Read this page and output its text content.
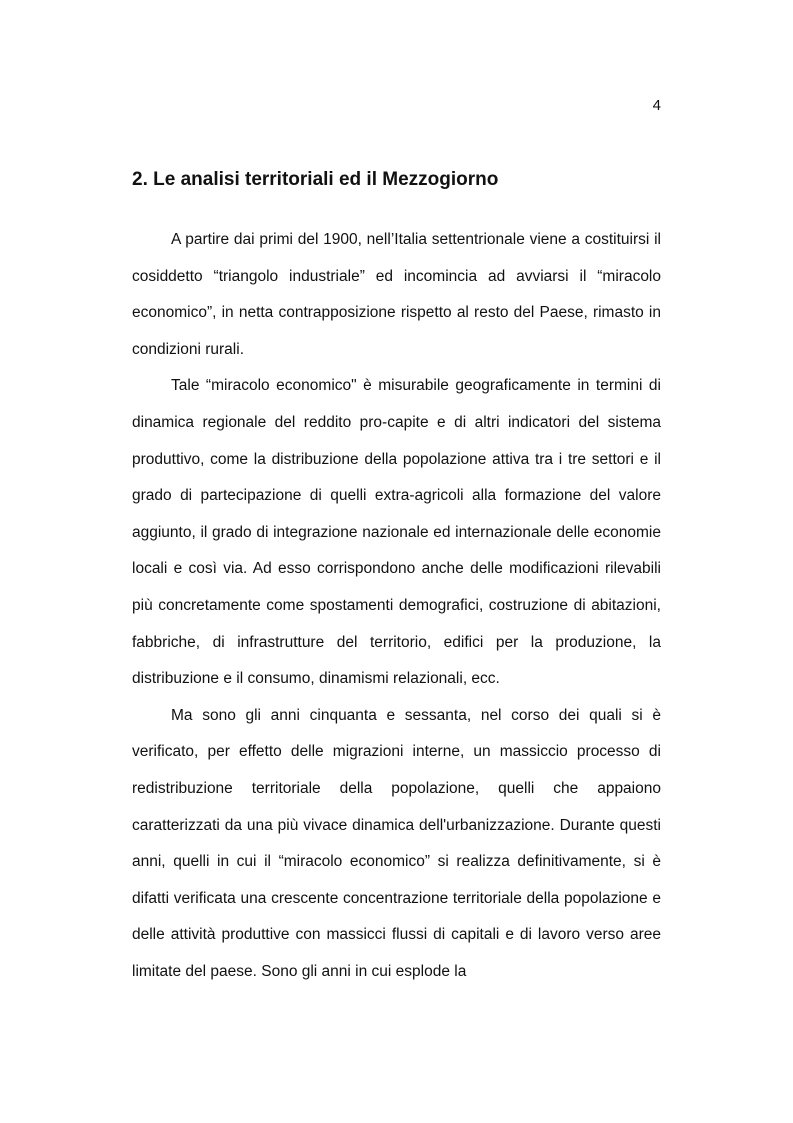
4
2. Le analisi territoriali ed il Mezzogiorno

A partire dai primi del 1900, nell’Italia settentrionale viene a costituirsi il cosiddetto “triangolo industriale” ed incomincia ad avviarsi il “miracolo economico”, in netta contrapposizione rispetto al resto del Paese, rimasto in condizioni rurali.

Tale “miracolo economico" è misurabile geograficamente in termini di dinamica regionale del reddito pro-capite e di altri indicatori del sistema produttivo, come la distribuzione della popolazione attiva tra i tre settori e il grado di partecipazione di quelli extra-agricoli alla formazione del valore aggiunto, il grado di integrazione nazionale ed internazionale delle economie locali e così via. Ad esso corrispondono anche delle modificazioni rilevabili più concretamente come spostamenti demografici, costruzione di abitazioni, fabbriche, di infrastrutture del territorio, edifici per la produzione, la distribuzione e il consumo, dinamismi relazionali, ecc.

Ma sono gli anni cinquanta e sessanta, nel corso dei quali si è verificato, per effetto delle migrazioni interne, un massiccio processo di redistribuzione territoriale della popolazione, quelli che appaiono caratterizzati da una più vivace dinamica dell'urbanizzazione. Durante questi anni, quelli in cui il “miracolo economico” si realizza definitivamente, si è difatti verificata una crescente concentrazione territoriale della popolazione e delle attività produttive con massicci flussi di capitali e di lavoro verso aree limitate del paese. Sono gli anni in cui esplode la
